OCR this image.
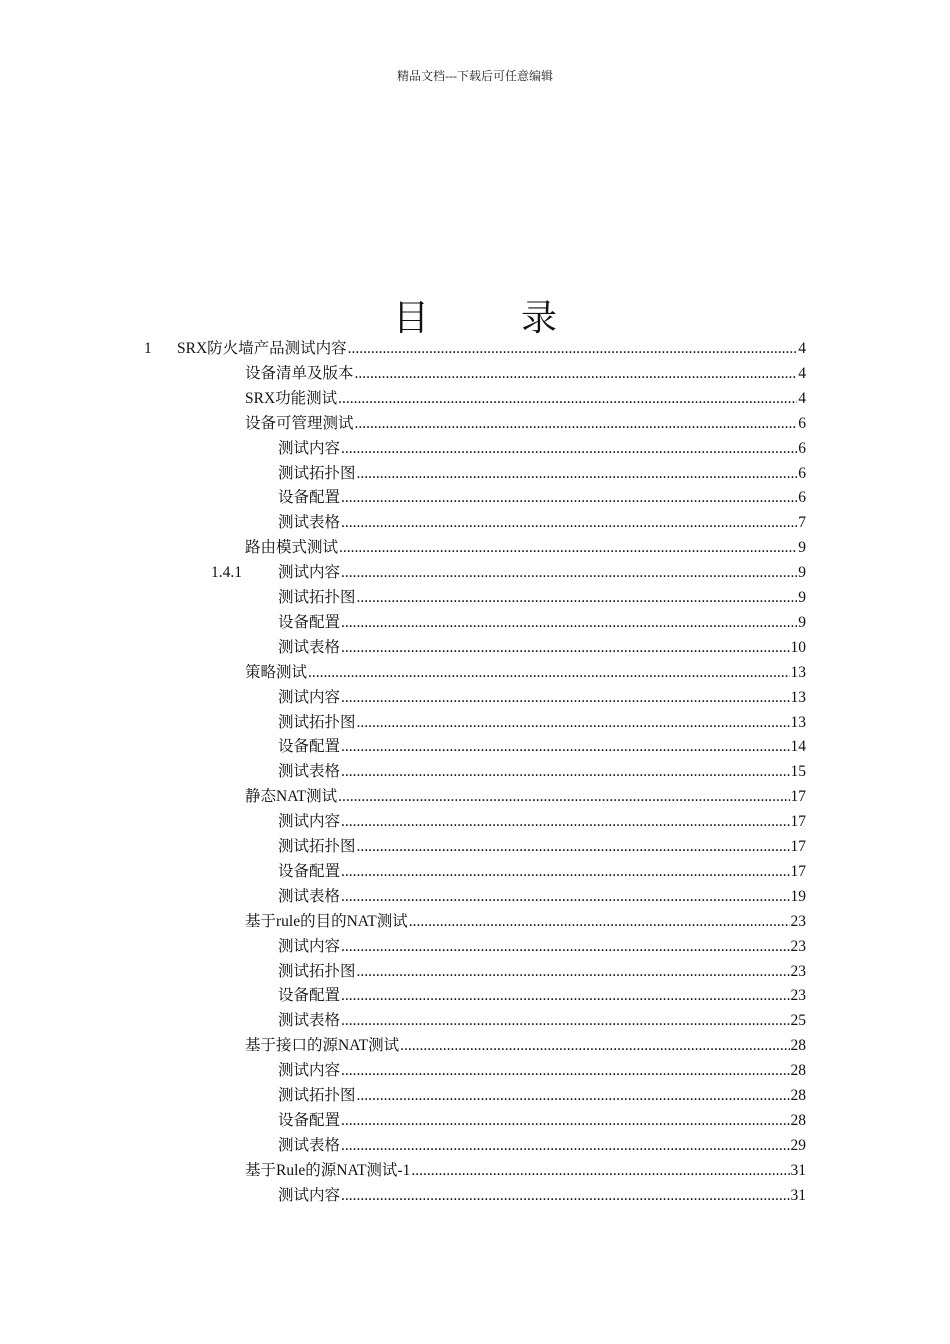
精品文档---下载后可任意编辑
目　录
1 SRX防火墙产品测试内容 .....	4
设备清单及版本 .....	4
SRX功能测试 .....	4
设备可管理测试 .....	6
测试内容 .....	6
测试拓扑图 .....	6
设备配置 .....	6
测试表格 .....	7
路由模式测试 .....	9
1.4.1 测试内容 .....	9
测试拓扑图 .....	9
设备配置 .....	9
测试表格 .....	10
策略测试 .....	13
测试内容 .....	13
测试拓扑图 .....	13
设备配置 .....	14
测试表格 .....	15
静态NAT测试 .....	17
测试内容 .....	17
测试拓扑图 .....	17
设备配置 .....	17
测试表格 .....	19
基于rule的目的NAT测试 .....	23
测试内容 .....	23
测试拓扑图 .....	23
设备配置 .....	23
测试表格 .....	25
基于接口的源NAT测试 .....	28
测试内容 .....	28
测试拓扑图 .....	28
设备配置 .....	28
测试表格 .....	29
基于Rule的源NAT测试-1 .....	31
测试内容 .....	31
